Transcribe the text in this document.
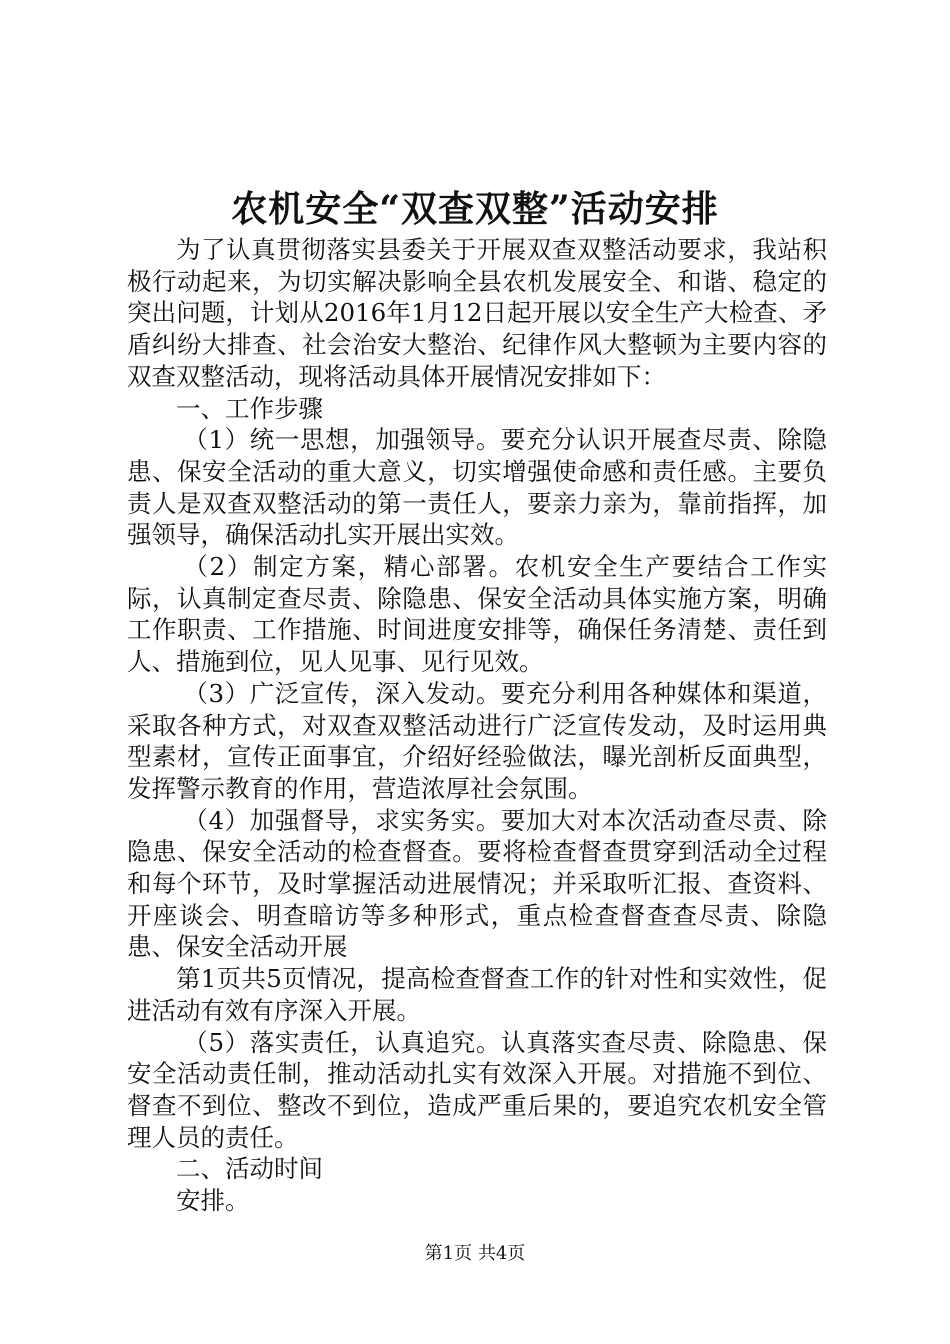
农机安全“双查双整”活动安排

为了认真贯彻落实县委关于开展双查双整活动要求，我站积极行动起来，为切实解决影响全县农机发展安全、和谐、稳定的突出问题，计划从2016年1月12日起开展以安全生产大检查、矛盾纠纷大排查、社会治安大整治、纪律作风大整顿为主要内容的双查双整活动，现将活动具体开展情况安排如下：

一、工作步骤

（1）统一思想，加强领导。要充分认识开展查尽责、除隐患、保安全活动的重大意义，切实增强使命感和责任感。主要负责人是双查双整活动的第一责任人，要亲力亲为，靠前指挥，加强领导，确保活动扎实开展出实效。

（2）制定方案，精心部署。农机安全生产要结合工作实际，认真制定查尽责、除隐患、保安全活动具体实施方案，明确工作职责、工作措施、时间进度安排等，确保任务清楚、责任到人、措施到位，见人见事、见行见效。

（3）广泛宣传，深入发动。要充分利用各种媒体和渠道，采取各种方式，对双查双整活动进行广泛宣传发动，及时运用典型素材，宣传正面事宜，介绍好经验做法，曝光剖析反面典型，发挥警示教育的作用，营造浓厚社会氛围。

（4）加强督导，求实务实。要加大对本次活动查尽责、除隐患、保安全活动的检查督查。要将检查督查贯穿到活动全过程和每个环节，及时掌握活动进展情况；并采取听汇报、查资料、开座谈会、明查暗访等多种形式，重点检查督查查尽责、除隐患、保安全活动开展

第1页共5页情况，提高检查督查工作的针对性和实效性，促进活动有效有序深入开展。

（5）落实责任，认真追究。认真落实查尽责、除隐患、保安全活动责任制，推动活动扎实有效深入开展。对措施不到位、督查不到位、整改不到位，造成严重后果的，要追究农机安全管理人员的责任。

二、活动时间

安排。

第1页 共4页
